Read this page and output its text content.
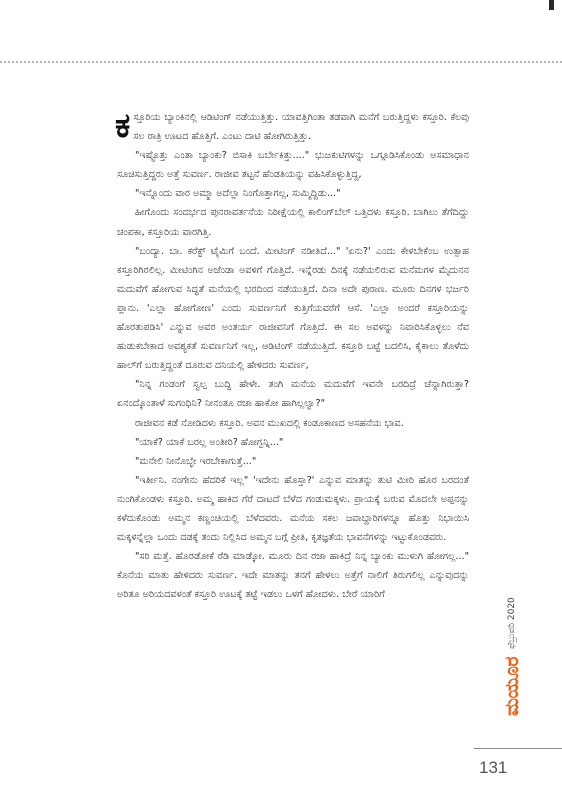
ಕಸ್ತೂರಿಯ ಬ್ಯಾಂಕಿನಲ್ಲಿ ಆಡಿಟಿಂಗ್ ನಡೆಯುತ್ತಿತ್ತು. ಯಾವತ್ತಿಗಿಂತಾ ತಡವಾಗಿ ಮನೆಗೆ ಬರುತ್ತಿದ್ದಳು ಕಸ್ತೂರಿ. ಕೆಲವು ಸಲ ರಾತ್ರಿ ಊಟದ ಹೊತ್ತಿಗೆ. ಎಂಟು ದಾಟಿ ಹೋಗಿರುತ್ತಿತ್ತು.

"ಇಷ್ಟೊತ್ತು ಎಂತಾ ಬ್ಯಾಂಕು? ಬಿಸಾಕಿ ಬರ್ಬೇಕಿತ್ತು...." ಭುಜಕುಟಿಗಳನ್ನು ಒಗ್ಗೂಡಿಸಿಕೊಂಡು ಅಸಮಾಧಾನ ಸೂಚಿಸುತ್ತಿದ್ದರು ಅತ್ತೆ ಸುವರ್ಣ. ರಾಜೀವ ತಟ್ಟನೆ ಹೆಂಡತಿಯನ್ನು ವಹಿಸಿಕೊಳ್ಳುತ್ತಿದ್ದ,

"ಇನ್ನೊಂದು ವಾರ ಅಮ್ಮಾ ಅದೆಲ್ಲಾ ನಿಂಗೊತ್ತಾಗಲ್ಲ, ಸುಮ್ಮಿದ್ದಿಡು..."

ಹೀಗೊಂದು ಸಂದರ್ಭದ ಪುನರಾವರ್ತನೆಯ ನಿರೀಕ್ಷೆಯಲ್ಲಿ ಕಾಲಿಂಗ್‌ಬೆಲ್ ಒತ್ತಿದಳು ಕಸ್ತೂರಿ. ಬಾಗಿಲು ತೆಗೆದಿದ್ದು ಚಂಪಕಾ, ಕಸ್ತೂರಿಯ ವಾರಗಿತ್ತಿ.

"ಬಂದ್ಯಾ. ಬಾ. ಕರೆಕ್ಟ್ ಟೈಮಿಗೆ ಬಂದೆ. ಮೀಟಿಂಗ್ ನಡೀತಿದೆ..." 'ಏನು?' ಎಂದು ಕೇಳಬೇಕೆಂಬ ಉತ್ಸಾಹ ಕಸ್ತೂರಿಗಿರಲಿಲ್ಲ. ಮೀಟಿಂಗಿನ ಅಜೆಂಡಾ ಅವಳಿಗೆ ಗೊತ್ತಿದೆ. ಇನ್ನೆರಡು ದಿನಕ್ಕೆ ನಡೆಯಲಿರುವ ಮನೆಮಗಳ ಮೈದುನನ ಮದುವೆಗೆ ಹೋಗುವ ಸಿದ್ಧತೆ ಮನೆಯಲ್ಲಿ ಭರದಿಂದ ನಡೆಯುತ್ತಿದೆ. ದಿನಾ ಅದೇ ಪುರಾಣ. ಮೂರು ದಿನಗಳ ಭರ್ಜರಿ ಪ್ಲಾನು. 'ಎಲ್ಲಾ ಹೋಗೋಣ' ಎಂದು ಸುವರ್ಣನಿಗೆ ಕುತ್ತಿಗೆಯವರೆಗೆ ಆಸೆ. 'ಎಲ್ಲಾ ಅಂದರೆ ಕಸ್ತೂರಿಯನ್ನು ಹೊರತುಪಡಿಸಿ' ಎನ್ನುವ ಅವರ ಅಂತರ್ಯ ರಾಜೀವನಿಗೆ ಗೊತ್ತಿದೆ. ಈ ಸಲ ಅವಳನ್ನು ನಿವಾರಿಸಿಕೊಳ್ಳಲು ನೆವ ಹುಡುಕಬೇಕಾದ ಅವಶ್ಯಕತೆ ಸುವರ್ಣನಿಗೆ ಇಲ್ಲ, ಆಡಿಟಿಂಗ್ ನಡೆಯುತ್ತಿದೆ. ಕಸ್ತೂರಿ ಬಟ್ಟೆ ಬದಲಿಸಿ, ಕೈಕಾಲು ತೊಳೆದು ಹಾಲ್‌ಗೆ ಬರುತ್ತಿದ್ದಂತೆ ದೂರುವ ದನಿಯಲ್ಲಿ ಹೇಳಿದರು ಸುವರ್ಣ,

"ನಿನ್ನ ಗಂಡಂಗೆ ಸ್ವಲ್ಪ ಬುದ್ಧಿ ಹೇಳೇ. ತಂಗಿ ಮನೆಯ ಮದುವೆಗೆ ಇವನೇ ಬರದಿದ್ರೆ ಚೆನ್ನಾಗಿರುತ್ತಾ? ಏನಂದ್ಕೊಂತಾಳೆ ಸುಗಂಧಿನಿ? ನೀನಂತೂ ರಜಾ ಹಾಕೋ ಹಾಗಿಲ್ಲಲ್ವಾ?"

ರಾಜೀವನ ಕಡೆ ನೋಡಿದಳು ಕಸ್ತೂರಿ. ಅವನ ಮುಖದಲ್ಲಿ ಕಂಡೂಕಾಣದ ಅಸಹನೆಯ ಭಾವ.

"ಯಾಕೆ? ಯಾಕೆ ಬರಲ್ಲ ಅಂತೀರಿ? ಹೋಗ್ಬನ್ನಿ..."

"ಮನೇಲಿ ನೀನೊಬ್ಳೇ ಇರಬೇಕಾಗುತ್ತೆ..."

"ಇರ್ತೀನಿ. ನಂಗೇನು ಹೆದರಿಕೆ ಇಲ್ಲ" 'ಇದೇನು ಹೊಸ್ತಾ?' ಎನ್ನುವ ಮಾತನ್ನು ತುಟಿ ಮೀರಿ ಹೊರ ಬರದಂತೆ ನುಂಗಿಕೊಂಡಳು ಕಸ್ತೂರಿ. ಅಮ್ಮ ಹಾಕಿದ ಗೆರೆ ದಾಟದೆ ಬೆಳೆದ ಗಂಡುಮಕ್ಕಳು. ಪ್ರಾಯಕ್ಕೆ ಬರುವ ಮೊದಲೇ ಅಪ್ಪನನ್ನು ಕಳೆದುಕೊಂಡು ಅಮ್ಮನ ಕಣ್ಣಂಚಿಯಲ್ಲಿ ಬೆಳೆದವರು. ಮನೆಯ ಸಕಲ ಜವಾಬ್ದಾರಿಗಳನ್ನೂ ಹೊತ್ತು ನಿಭಾಯಿಸಿ ಮಕ್ಕಳನ್ನೆಲ್ಲಾ ಒಂದು ದಡಕ್ಕೆ ತಂದು ನಿಲ್ಲಿಸಿದ ಅಮ್ಮನ ಬಗ್ಗೆ ಪ್ರೀತಿ, ಕೃತಜ್ಞತೆಯ ಭಾವನೆಗಳನ್ನು ಇಟ್ಟುಕೊಂಡವರು.

"ಸರಿ ಮತ್ತೆ. ಹೊರಡೋಕೆ ರೆಡಿ ಮಾಡ್ಕೋ. ಮೂರು ದಿನ ರಜಾ ಹಾಕಿದ್ರೆ ನಿನ್ನ ಬ್ಯಾಂಕು ಮುಳುಗಿ ಹೋಗಲ್ಲ..." ಕೊನೆಯ ಮಾತು ಹೇಳಿದರು ಸುವರ್ಣ. ಇದೇ ಮಾತನ್ನು ತನಗೆ ಹೇಳಲು ಅತ್ತೆಗೆ ನಾಲಿಗೆ ತಿರುಗಲಿಲ್ಲ ಎನ್ನುವುದನ್ನು ಅರಿತೂ ಅರಿಯದವಳಂತೆ ಕಸ್ತೂರಿ ಊಟಕ್ಕೆ ತಟ್ಟೆ ಇಡಲು ಒಳಗೆ ಹೋದಳು. ಬೇರೆ ಯಾರಿಗೆ

ಮಯೂರ
ಫೆಬ್ರುವರಿ 2020
131
